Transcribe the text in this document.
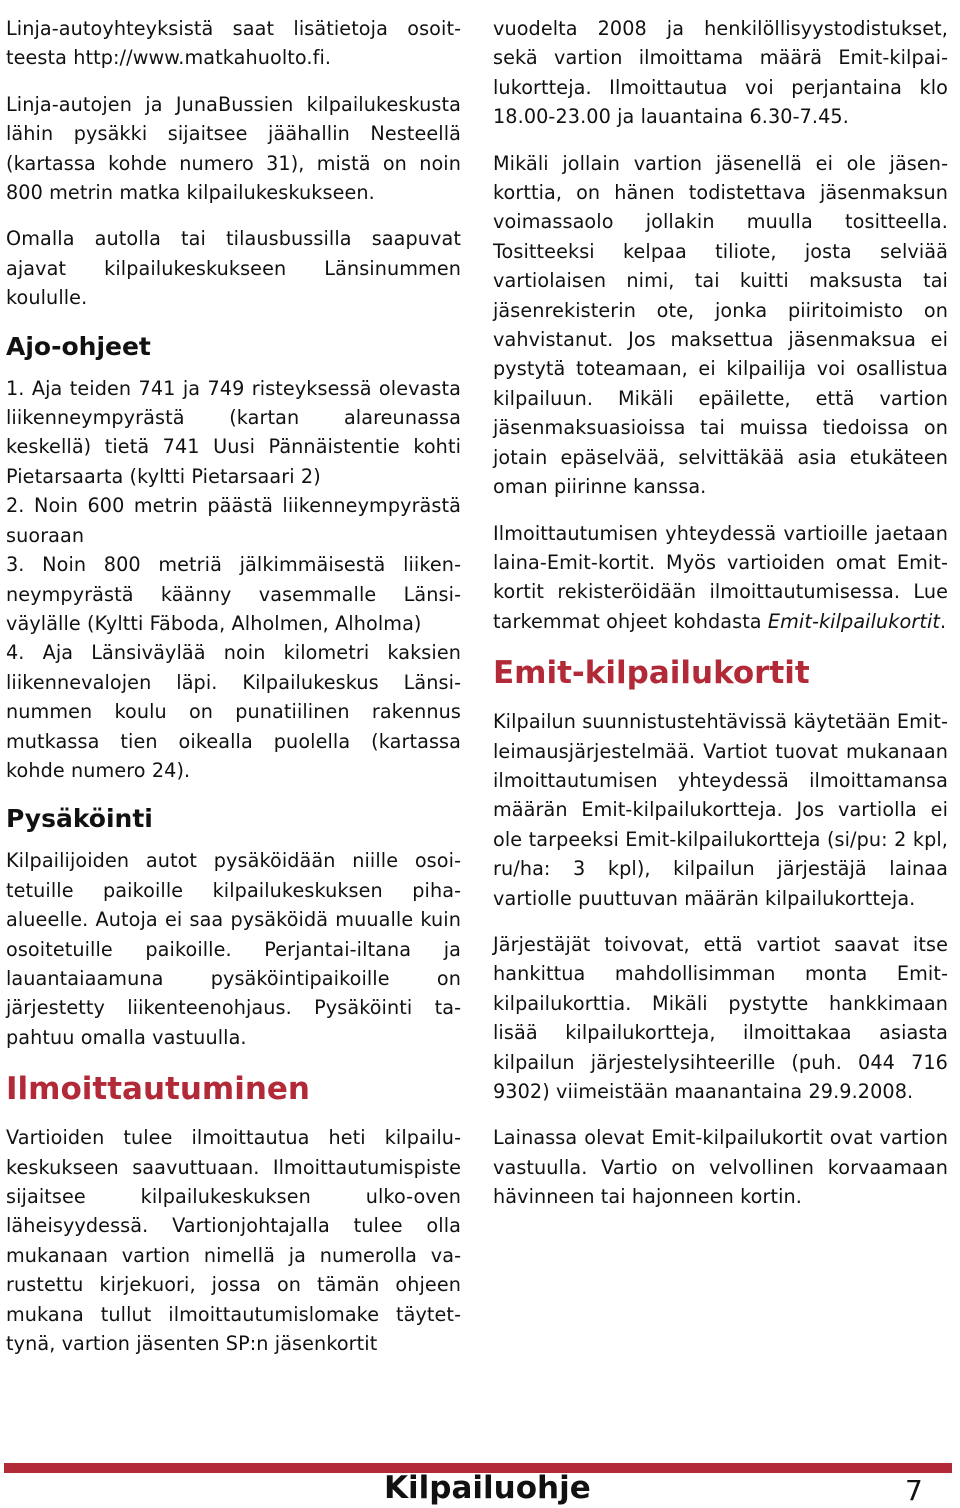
Linja-autoyhteyksistä saat lisätietoja osoitteesta http://www.matkahuolto.fi.

Linja-autojen ja JunaBussien kilpailukeskusta lähin pysäkki sijaitsee jäähallin Nesteellä (kartassa kohde numero 31), mistä on noin 800 metrin matka kilpailukeskukseen.

Omalla autolla tai tilausbussilla saapuvat ajavat kilpailukeskukseen Länsinummen koululle.

Ajo-ohjeet

1. Aja teiden 741 ja 749 risteyksessä olevasta liikenneympyrästä (kartan alareunassa keskellä) tietä 741 Uusi Pännäistentie kohti Pietarsaarta (kyltti Pietarsaari 2)

2. Noin 600 metrin päästä liikenneympyrästä suoraan

3. Noin 800 metriä jälkimmäisestä liikenneympyrästä käänny vasemmalle Länsiväylälle (Kyltti Fäboda, Alholmen, Alholma)

4. Aja Länsiväylää noin kilometri kaksien liikennevalojen läpi. Kilpailukeskus Länsinummen koulu on punatiilinen rakennus mutkassa tien oikealla puolella (kartassa kohde numero 24).

Pysäköinti

Kilpailijoiden autot pysäköidään niille osoitetuille paikoille kilpailukeskuksen pihaalueelle. Autoja ei saa pysäköidä muualle kuin osoitetuille paikoille. Perjantai-iltana ja lauantaiaamuna pysäköintipaikoille on järjestetty liikenteenohjaus. Pysäköinti tapahtuu omalla vastuulla.

Ilmoittautuminen

Vartioiden tulee ilmoittautua heti kilpailukeskukseen saavuttuaan. Ilmoittautumispiste sijaitsee kilpailukeskuksen ulko-oven läheisyydessä. Vartionjohtajalla tulee olla mukanaan vartion nimellä ja numerolla varustettu kirjekuori, jossa on tämän ohjeen mukana tullut ilmoittautumislomake täytettynä, vartion jäsenten SP:n jäsenkortit

vuodelta 2008 ja henkilöllisyystodistukset, sekä vartion ilmoittama määrä Emit-kilpailukortteja. Ilmoittautua voi perjantaina klo 18.00-23.00 ja lauantaina 6.30-7.45.

Mikäli jollain vartion jäsenellä ei ole jäsenkorttia, on hänen todistettava jäsenmaksun voimassaolo jollakin muulla tositteella. Tositteeksi kelpaa tiliote, josta selviää vartiolaisen nimi, tai kuitti maksusta tai jäsenrekisterin ote, jonka piiritoimisto on vahvistanut. Jos maksettua jäsenmaksua ei pystytä toteamaan, ei kilpailija voi osallistua kilpailuun. Mikäli epäilette, että vartion jäsenmaksuasioissa tai muissa tiedoissa on jotain epäselvää, selvittäkää asia etukäteen oman piirinne kanssa.

Ilmoittautumisen yhteydessä vartioille jaetaan laina-Emit-kortit. Myös vartioiden omat Emit-kortit rekisteröidään ilmoittautumisessa. Lue tarkemmat ohjeet kohdasta Emit-kilpailukortit.

Emit-kilpailukortit

Kilpailun suunnistustehtävissä käytetään Emit-leimausjärjestelmää. Vartiot tuovat mukanaan ilmoittautumisen yhteydessä ilmoittamansa määrän Emit-kilpailukortteja. Jos vartiolla ei ole tarpeeksi Emit-kilpailukortteja (si/pu: 2 kpl, ru/ha: 3 kpl), kilpailun järjestäjä lainaa vartiolle puuttuvan määrän kilpailukortteja.

Järjestäjät toivovat, että vartiot saavat itse hankittua mahdollisimman monta Emit-kilpailukorttia. Mikäli pystytte hankkimaan lisää kilpailukortteja, ilmoittakaa asiasta kilpailun järjestelysihteerille (puh. 044 716 9302) viimeistään maanantaina 29.9.2008.

Lainassa olevat Emit-kilpailukortit ovat vartion vastuulla. Vartio on velvollinen korvaamaan hävinneen tai hajonneen kortin.

Kilpailuohje	7
